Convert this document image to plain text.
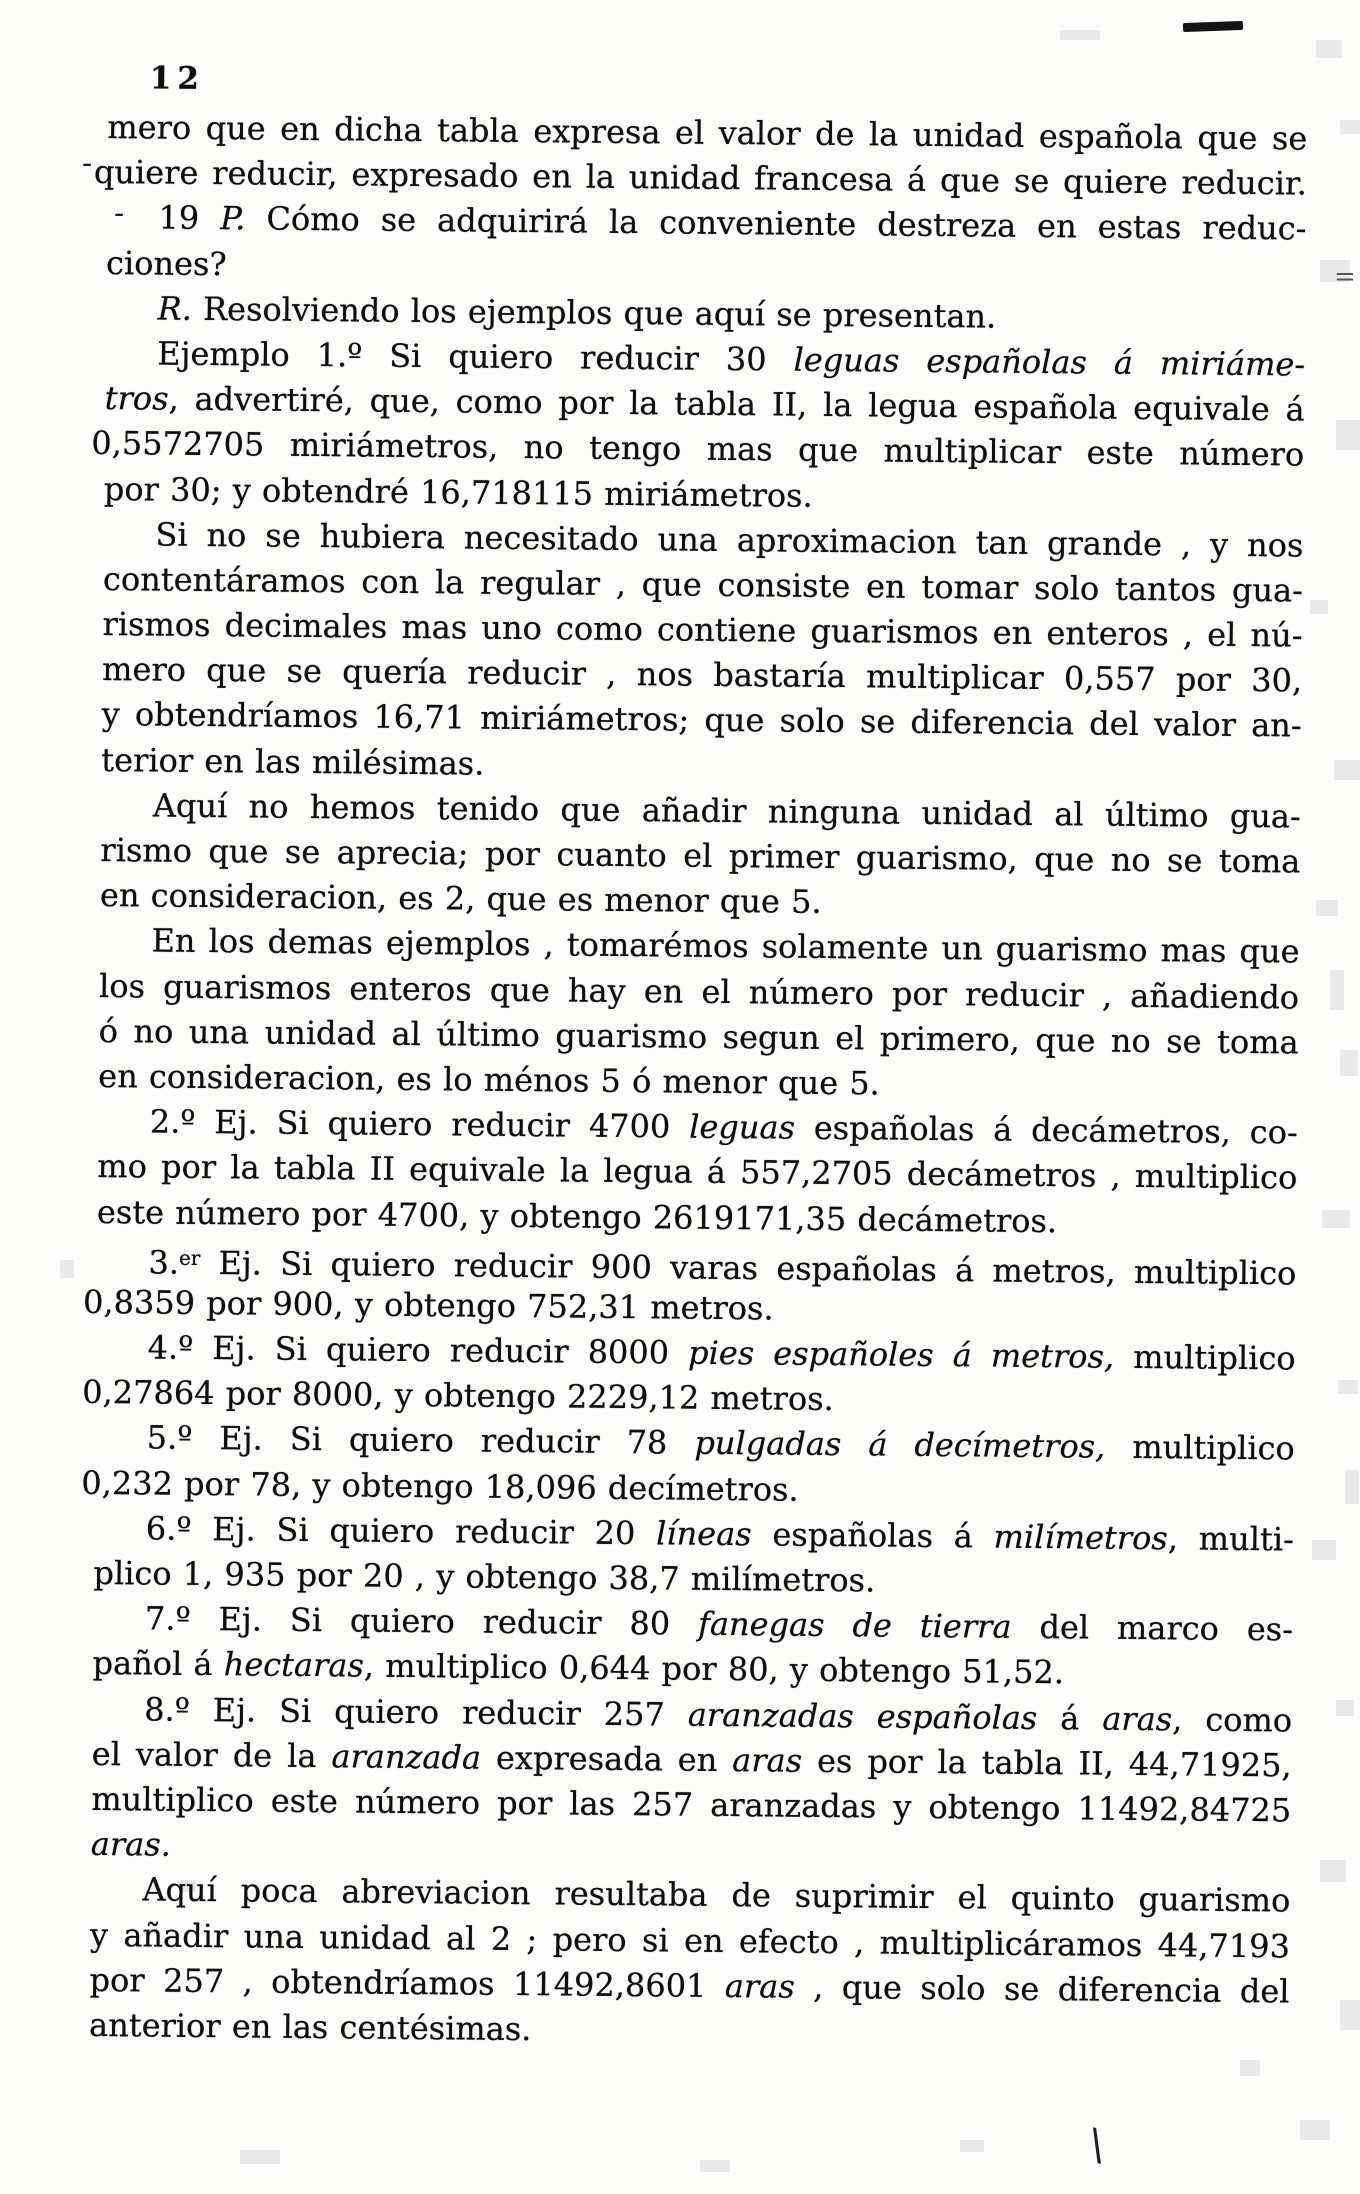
-
-
=
\
12
mero que en dicha tabla expresa el valor de la unidad española que se
quiere reducir, expresado en la unidad francesa á que se quiere reducir.
19 P. Cómo se adquirirá la conveniente destreza en estas reduc-
ciones?
R. Resolviendo los ejemplos que aquí se presentan.
Ejemplo 1.º Si quiero reducir 30 leguas españolas á miriáme-
tros, advertiré, que, como por la tabla II, la legua española equivale á
0,5572705 miriámetros, no tengo mas que multiplicar este número
por 30; y obtendré 16,718115 miriámetros.
Si no se hubiera necesitado una aproximacion tan grande , y nos
contentáramos con la regular , que consiste en tomar solo tantos gua-
rismos decimales mas uno como contiene guarismos en enteros , el nú-
mero que se quería reducir , nos bastaría multiplicar 0,557 por 30,
y obtendríamos 16,71 miriámetros; que solo se diferencia del valor an-
terior en las milésimas.
Aquí no hemos tenido que añadir ninguna unidad al último gua-
rismo que se aprecia; por cuanto el primer guarismo, que no se toma
en consideracion, es 2, que es menor que 5.
En los demas ejemplos , tomarémos solamente un guarismo mas que
los guarismos enteros que hay en el número por reducir , añadiendo
ó no una unidad al último guarismo segun el primero, que no se toma
en consideracion, es lo ménos 5 ó menor que 5.
2.º Ej. Si quiero reducir 4700 leguas españolas á decámetros, co-
mo por la tabla II equivale la legua á 557,2705 decámetros , multiplico
este número por 4700, y obtengo 2619171,35 decámetros.
3.$^{er}$ Ej. Si quiero reducir 900 varas españolas á metros, multiplico
0,8359 por 900, y obtengo 752,31 metros.
4.º Ej. Si quiero reducir 8000 pies españoles á metros, multiplico
0,27864 por 8000, y obtengo 2229,12 metros.
5.º Ej. Si quiero reducir 78 pulgadas á decímetros, multiplico
0,232 por 78, y obtengo 18,096 decímetros.
6.º Ej. Si quiero reducir 20 líneas españolas á milímetros, multi-
plico 1, 935 por 20 , y obtengo 38,7 milímetros.
7.º Ej. Si quiero reducir 80 fanegas de tierra del marco es-
pañol á hectaras, multiplico 0,644 por 80, y obtengo 51,52.
8.º Ej. Si quiero reducir 257 aranzadas españolas á aras, como
el valor de la aranzada expresada en aras es por la tabla II, 44,71925,
multiplico este número por las 257 aranzadas y obtengo 11492,84725
aras.
Aquí poca abreviacion resultaba de suprimir el quinto guarismo
y añadir una unidad al 2 ; pero si en efecto , multiplicáramos 44,7193
por 257 , obtendríamos 11492,8601 aras , que solo se diferencia del
anterior en las centésimas.
